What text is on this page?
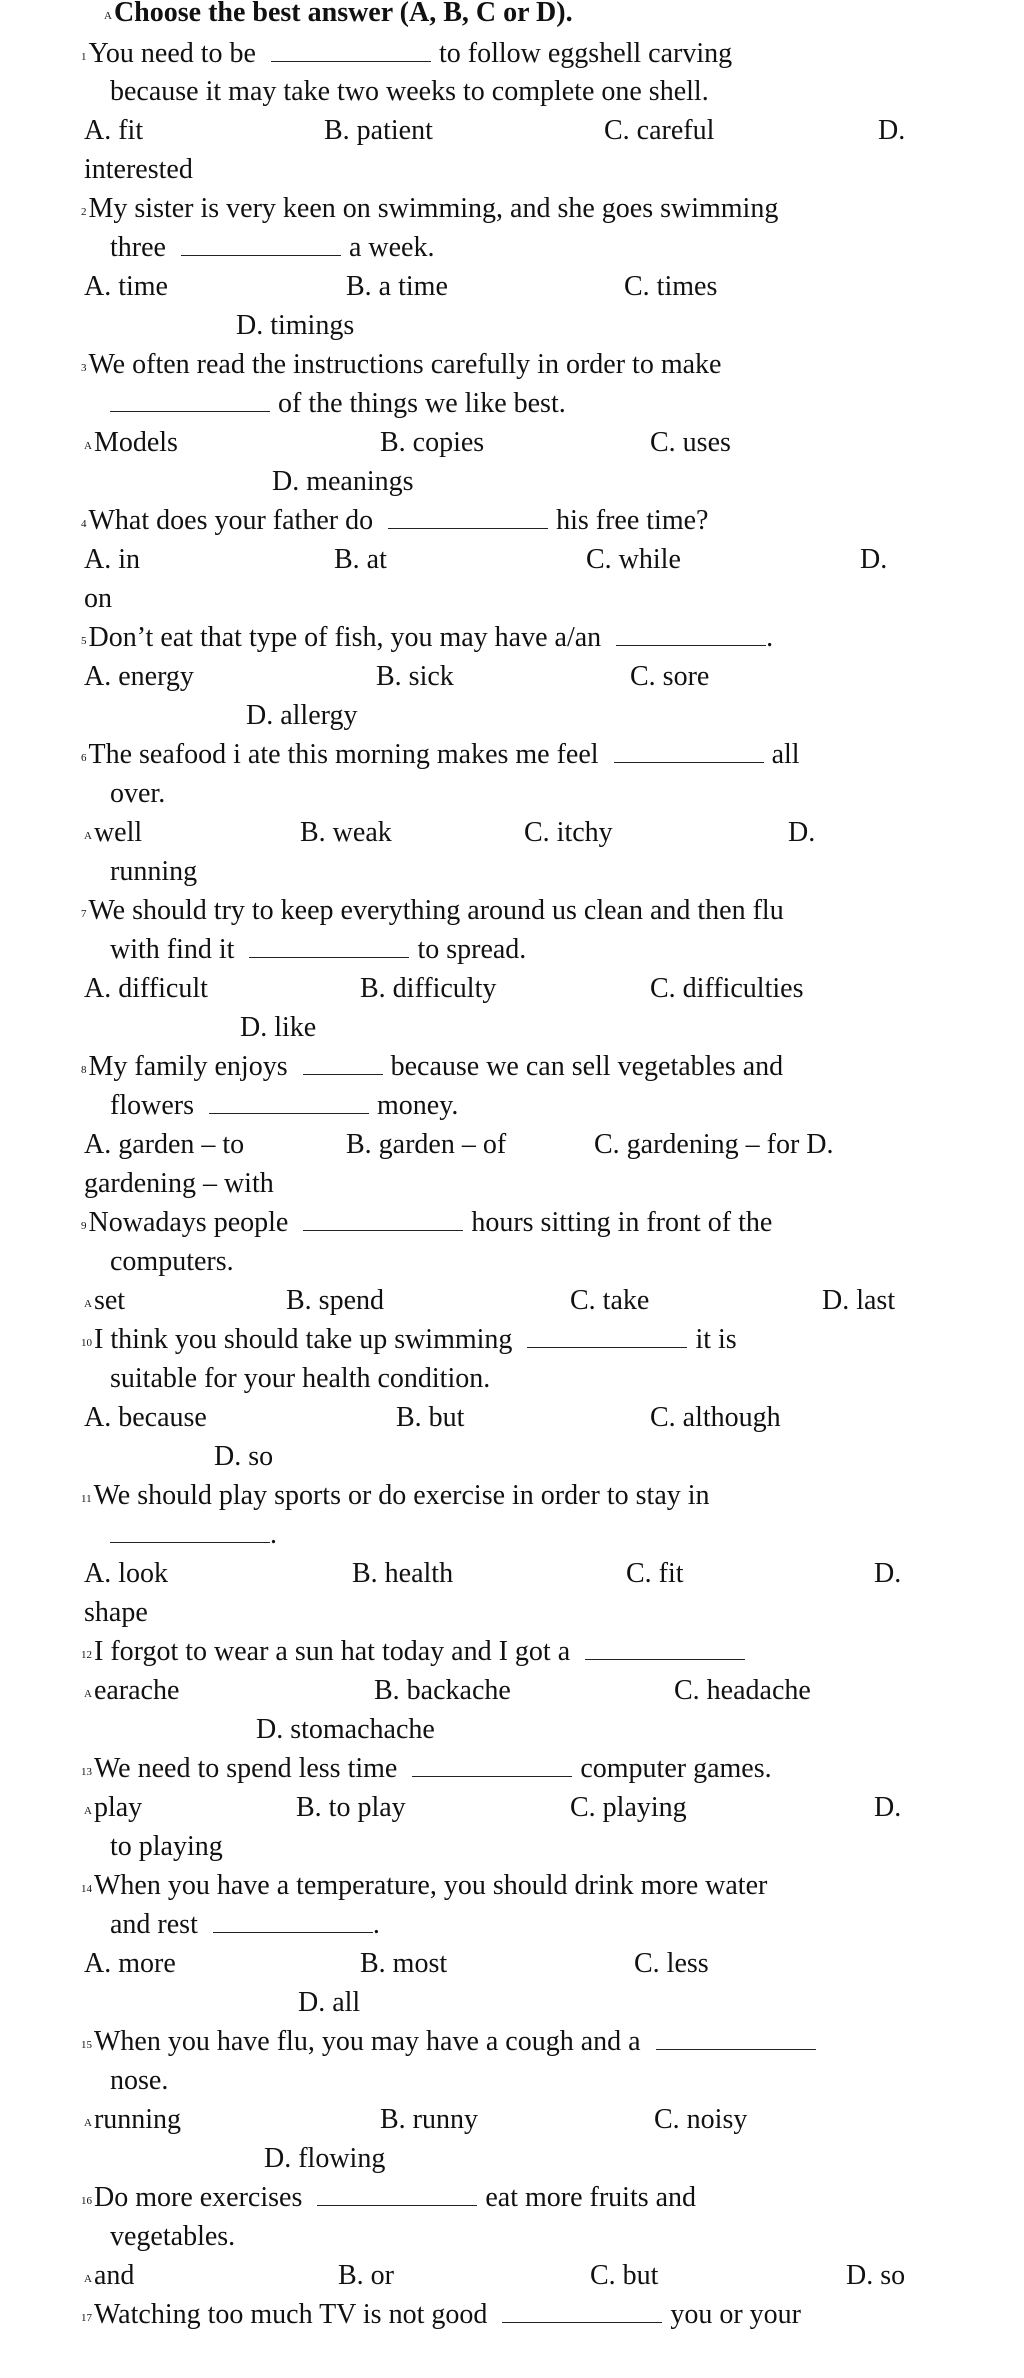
AChoose the best answer (A, B, C or D).
1You need to be	to follow eggshell carving
because it may take two weeks to complete one shell.
A. fit	B. patient	C. careful	D.
interested
2My sister is very keen on swimming, and she goes swimming
three	a week.
A. time	B. a time	C. times
D. timings
3We often read the instructions carefully in order to make
of the things we like best.
AModels	B. copies	C. uses
D. meanings
4What does your father do	his free time?
A. in	B. at	C. while	D.
on
5Don’t eat that type of fish, you may have a/an	.
A. energy	B. sick	C. sore
D. allergy
6The seafood i ate this morning makes me feel	all
over.
Awell	B. weak	C. itchy	D.
running
7We should try to keep everything around us clean and then flu
with find it	to spread.
A. difficult	B. difficulty	C. difficulties
D. like
8My family enjoys	because we can sell vegetables and
flowers	money.
A. garden – to	B. garden – of	C. gardening – for D.
gardening – with
9Nowadays people	hours sitting in front of the
computers.
Aset	B. spend	C. take	D. last
10I think you should take up swimming	it is
suitable for your health condition.
A. because	B. but	C. although
D. so
11We should play sports or do exercise in order to stay in
.
A. look	B. health	C. fit	D.
shape
12I forgot to wear a sun hat today and I got a
Aearache	B. backache	C. headache
D. stomachache
13We need to spend less time	computer games.
Aplay	B. to play	C. playing	D.
to playing
14When you have a temperature, you should drink more water
and rest	.
A. more	B. most	C. less
D. all
15When you have flu, you may have a cough and a
nose.
Arunning	B. runny	C. noisy
D. flowing
16Do more exercises	eat more fruits and
vegetables.
Aand	B. or	C. but	D. so
17Watching too much TV is not good	you or your
